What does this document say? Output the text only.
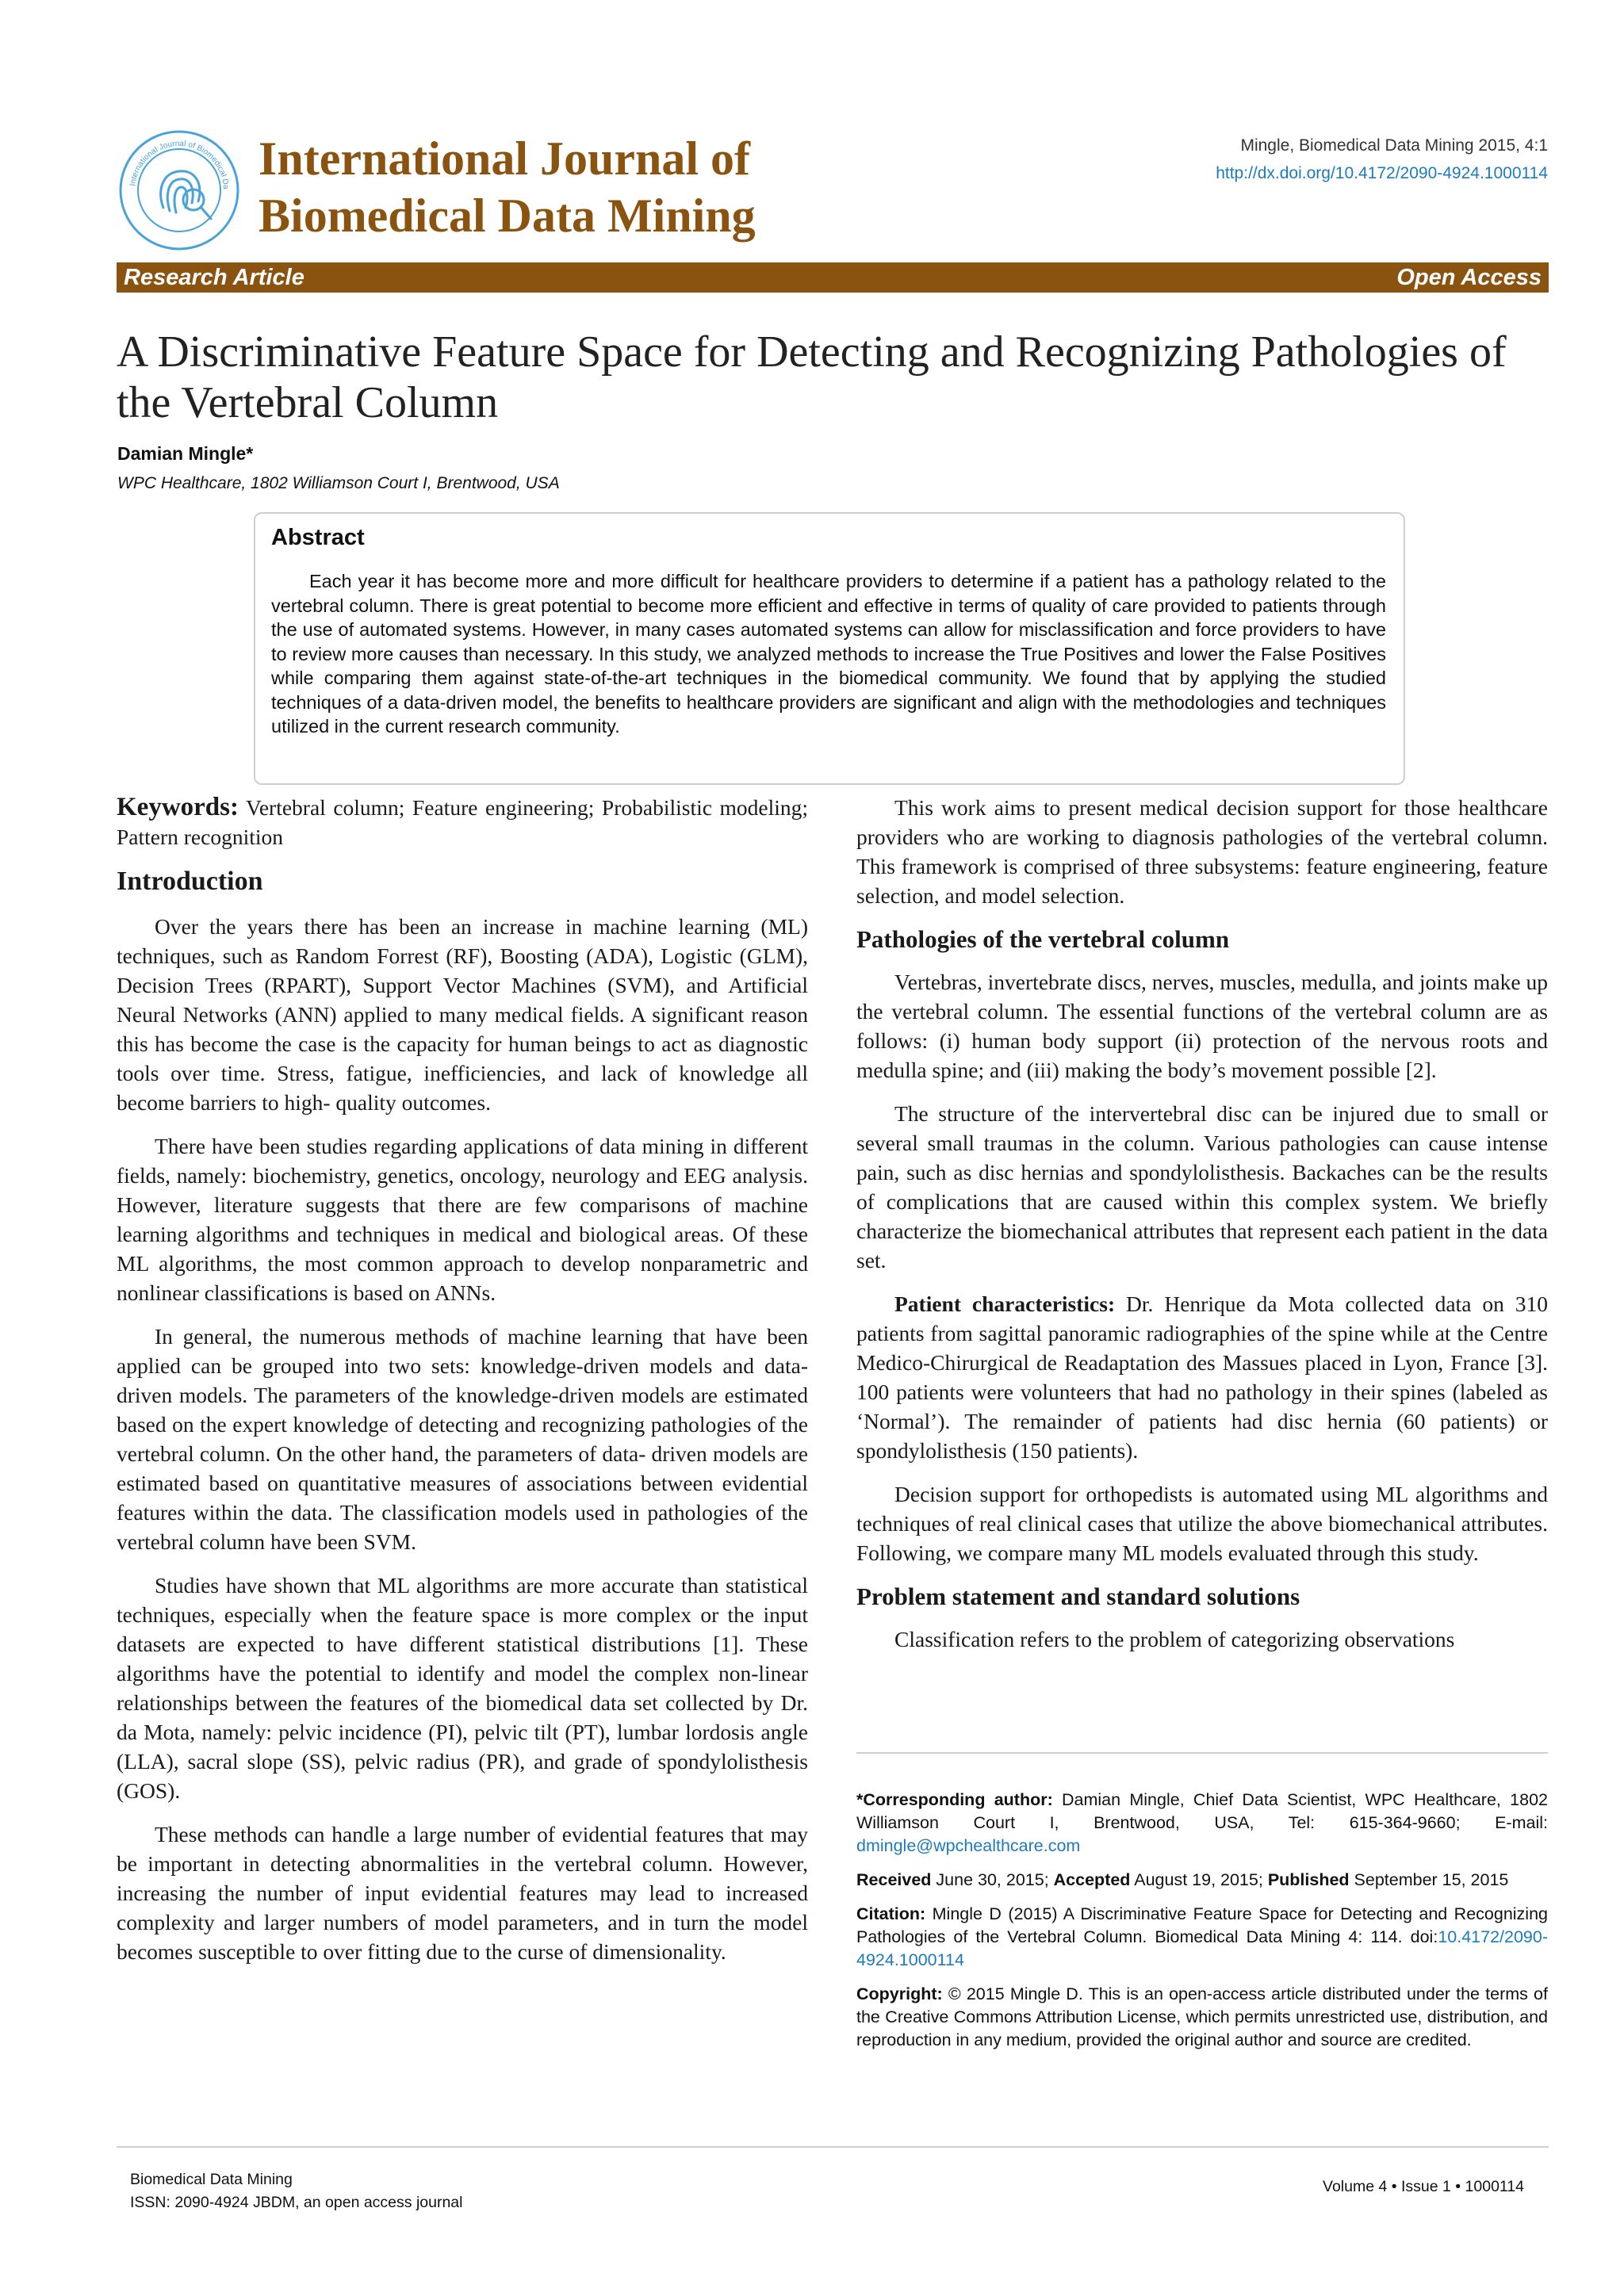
International Journal of Biomedical Da
International Journal of
Biomedical Data Mining
Mingle, Biomedical Data Mining 2015, 4:1
http://dx.doi.org/10.4172/2090-4924.1000114
Research Article	Open Access
A Discriminative Feature Space for Detecting and Recognizing Pathologies of the Vertebral Column
Damian Mingle*
WPC Healthcare, 1802 Williamson Court I, Brentwood, USA
Abstract

Each year it has become more and more difficult for healthcare providers to determine if a patient has a pathology related to the vertebral column. There is great potential to become more efficient and effective in terms of quality of care provided to patients through the use of automated systems. However, in many cases automated systems can allow for misclassification and force providers to have to review more causes than necessary. In this study, we analyzed methods to increase the True Positives and lower the False Positives while comparing them against state-of-the-art techniques in the biomedical community. We found that by applying the studied techniques of a data-driven model, the benefits to healthcare providers are significant and align with the methodologies and techniques utilized in the current research community.

Keywords: Vertebral column; Feature engineering; Probabilistic modeling; Pattern recognition

Introduction

Over the years there has been an increase in machine learning (ML) techniques, such as Random Forrest (RF), Boosting (ADA), Logistic (GLM), Decision Trees (RPART), Support Vector Machines (SVM), and Artificial Neural Networks (ANN) applied to many medical fields. A significant reason this has become the case is the capacity for human beings to act as diagnostic tools over time. Stress, fatigue, inefficiencies, and lack of knowledge all become barriers to high- quality outcomes.

There have been studies regarding applications of data mining in different fields, namely: biochemistry, genetics, oncology, neurology and EEG analysis. However, literature suggests that there are few comparisons of machine learning algorithms and techniques in medical and biological areas. Of these ML algorithms, the most common approach to develop nonparametric and nonlinear classifications is based on ANNs.

In general, the numerous methods of machine learning that have been applied can be grouped into two sets: knowledge-driven models and data-driven models. The parameters of the knowledge-driven models are estimated based on the expert knowledge of detecting and recognizing pathologies of the vertebral column. On the other hand, the parameters of data- driven models are estimated based on quantitative measures of associations between evidential features within the data. The classification models used in pathologies of the vertebral column have been SVM.

Studies have shown that ML algorithms are more accurate than statistical techniques, especially when the feature space is more complex or the input datasets are expected to have different statistical distributions [1]. These algorithms have the potential to identify and model the complex non-linear relationships between the features of the biomedical data set collected by Dr. da Mota, namely: pelvic incidence (PI), pelvic tilt (PT), lumbar lordosis angle (LLA), sacral slope (SS), pelvic radius (PR), and grade of spondylolisthesis (GOS).

These methods can handle a large number of evidential features that may be important in detecting abnormalities in the vertebral column. However, increasing the number of input evidential features may lead to increased complexity and larger numbers of model parameters, and in turn the model becomes susceptible to over fitting due to the curse of dimensionality.

This work aims to present medical decision support for those healthcare providers who are working to diagnosis pathologies of the vertebral column. This framework is comprised of three subsystems: feature engineering, feature selection, and model selection.

Pathologies of the vertebral column

Vertebras, invertebrate discs, nerves, muscles, medulla, and joints make up the vertebral column. The essential functions of the vertebral column are as follows: (i) human body support (ii) protection of the nervous roots and medulla spine; and (iii) making the body’s movement possible [2].

The structure of the intervertebral disc can be injured due to small or several small traumas in the column. Various pathologies can cause intense pain, such as disc hernias and spondylolisthesis. Backaches can be the results of complications that are caused within this complex system. We briefly characterize the biomechanical attributes that represent each patient in the data set.

Patient characteristics: Dr. Henrique da Mota collected data on 310 patients from sagittal panoramic radiographies of the spine while at the Centre Medico-Chirurgical de Readaptation des Massues placed in Lyon, France [3]. 100 patients were volunteers that had no pathology in their spines (labeled as ‘Normal’). The remainder of patients had disc hernia (60 patients) or spondylolisthesis (150 patients).

Decision support for orthopedists is automated using ML algorithms and techniques of real clinical cases that utilize the above biomechanical attributes. Following, we compare many ML models evaluated through this study.

Problem statement and standard solutions

Classification refers to the problem of categorizing observations

*Corresponding author: Damian Mingle, Chief Data Scientist, WPC Healthcare, 1802 Williamson Court I, Brentwood, USA, Tel: 615-364-9660; E-mail: dmingle@wpchealthcare.com

Received June 30, 2015; Accepted August 19, 2015; Published September 15, 2015

Citation: Mingle D (2015) A Discriminative Feature Space for Detecting and Recognizing Pathologies of the Vertebral Column. Biomedical Data Mining 4: 114. doi:10.4172/2090-4924.1000114

Copyright: © 2015 Mingle D. This is an open-access article distributed under the terms of the Creative Commons Attribution License, which permits unrestricted use, distribution, and reproduction in any medium, provided the original author and source are credited.

Biomedical Data Mining
ISSN: 2090-4924 JBDM, an open access journal
Volume 4 • Issue 1 • 1000114
